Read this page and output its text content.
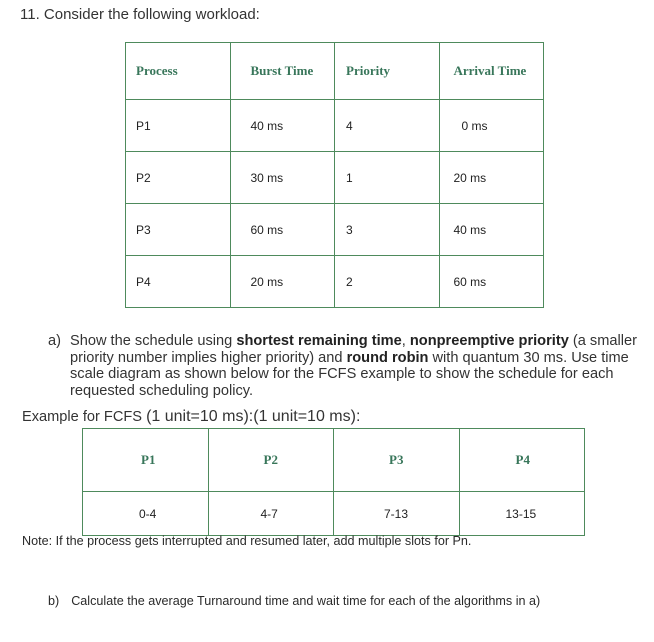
11. Consider the following workload:
Process	Burst Time	Priority	Arrival Time
P1	40 ms	4	0 ms
P2	30 ms	1	20 ms
P3	60 ms	3	40 ms
P4	20 ms	2	60 ms
a) Show the schedule using shortest remaining time, nonpreemptive priority (a smaller priority number implies higher priority) and round robin with quantum 30 ms. Use time scale diagram as shown below for the FCFS example to show the schedule for each requested scheduling policy.
Example for FCFS (1 unit=10 ms):(1 unit=10 ms):
P1	P2	P3	P4
0-4	4-7	7-13	13-15
Note: If the process gets interrupted and resumed later, add multiple slots for Pn.
b) Calculate the average Turnaround time and wait time for each of the algorithms in a)
